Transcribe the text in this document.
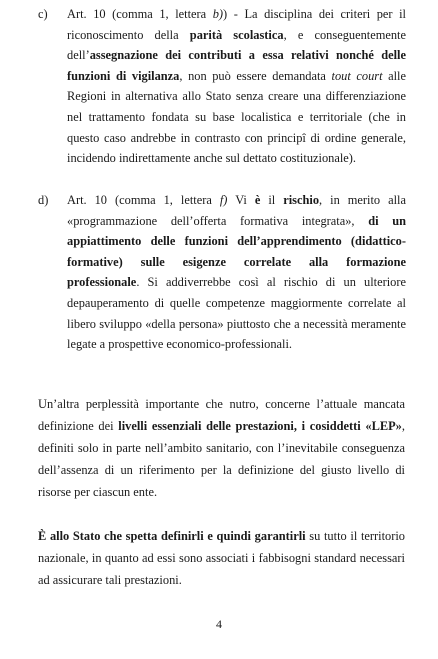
c) Art. 10 (comma 1, lettera b)) - La disciplina dei criteri per il riconoscimento della parità scolastica, e conseguentemente dell’assegnazione dei contributi a essa relativi nonché delle funzioni di vigilanza, non può essere demandata tout court alle Regioni in alternativa allo Stato senza creare una differenziazione nel trattamento fondata su base localistica e territoriale (che in questo caso andrebbe in contrasto con principî di ordine generale, incidendo indirettamente anche sul dettato costituzionale).
d) Art. 10 (comma 1, lettera f) Vi è il rischio, in merito alla «programmazione dell’offerta formativa integrata», di un appiattimento delle funzioni dell’apprendimento (didattico-formative) sulle esigenze correlate alla formazione professionale. Si addiverrebbe così al rischio di un ulteriore depauperamento di quelle competenze maggiormente correlate al libero sviluppo «della persona» piuttosto che a necessità meramente legate a prospettive economico-professionali.

Un’altra perplessità importante che nutro, concerne l’attuale mancata definizione dei livelli essenziali delle prestazioni, i cosiddetti «LEP», definiti solo in parte nell’ambito sanitario, con l’inevitabile conseguenza dell’assenza di un riferimento per la definizione del giusto livello di risorse per ciascun ente.

È allo Stato che spetta definirli e quindi garantirli su tutto il territorio nazionale, in quanto ad essi sono associati i fabbisogni standard necessari ad assicurare tali prestazioni.

4
